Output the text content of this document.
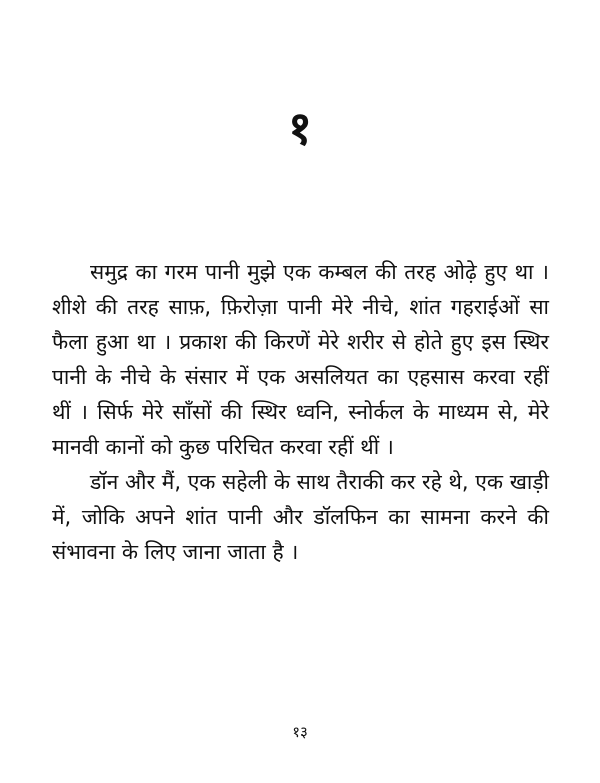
१

समुद्र का गरम पानी मुझे एक कम्बल की तरह ओढ़े हुए था । शीशे की तरह साफ़, फ़िरोज़ा पानी मेरे नीचे, शांत गहराईओं सा फैला हुआ था । प्रकाश की किरणें मेरे शरीर से होते हुए इस स्थिर पानी के नीचे के संसार में एक असलियत का एहसास करवा रहीं थीं । सिर्फ मेरे साँसों की स्थिर ध्वनि, स्नोर्कल के माध्यम से, मेरे मानवी कानों को कुछ परिचित करवा रहीं थीं ।

डॉन और मैं, एक सहेली के साथ तैराकी कर रहे थे, एक खाड़ी में, जोकि अपने शांत पानी और डॉलफिन का सामना करने की संभावना के लिए जाना जाता है ।

१३
